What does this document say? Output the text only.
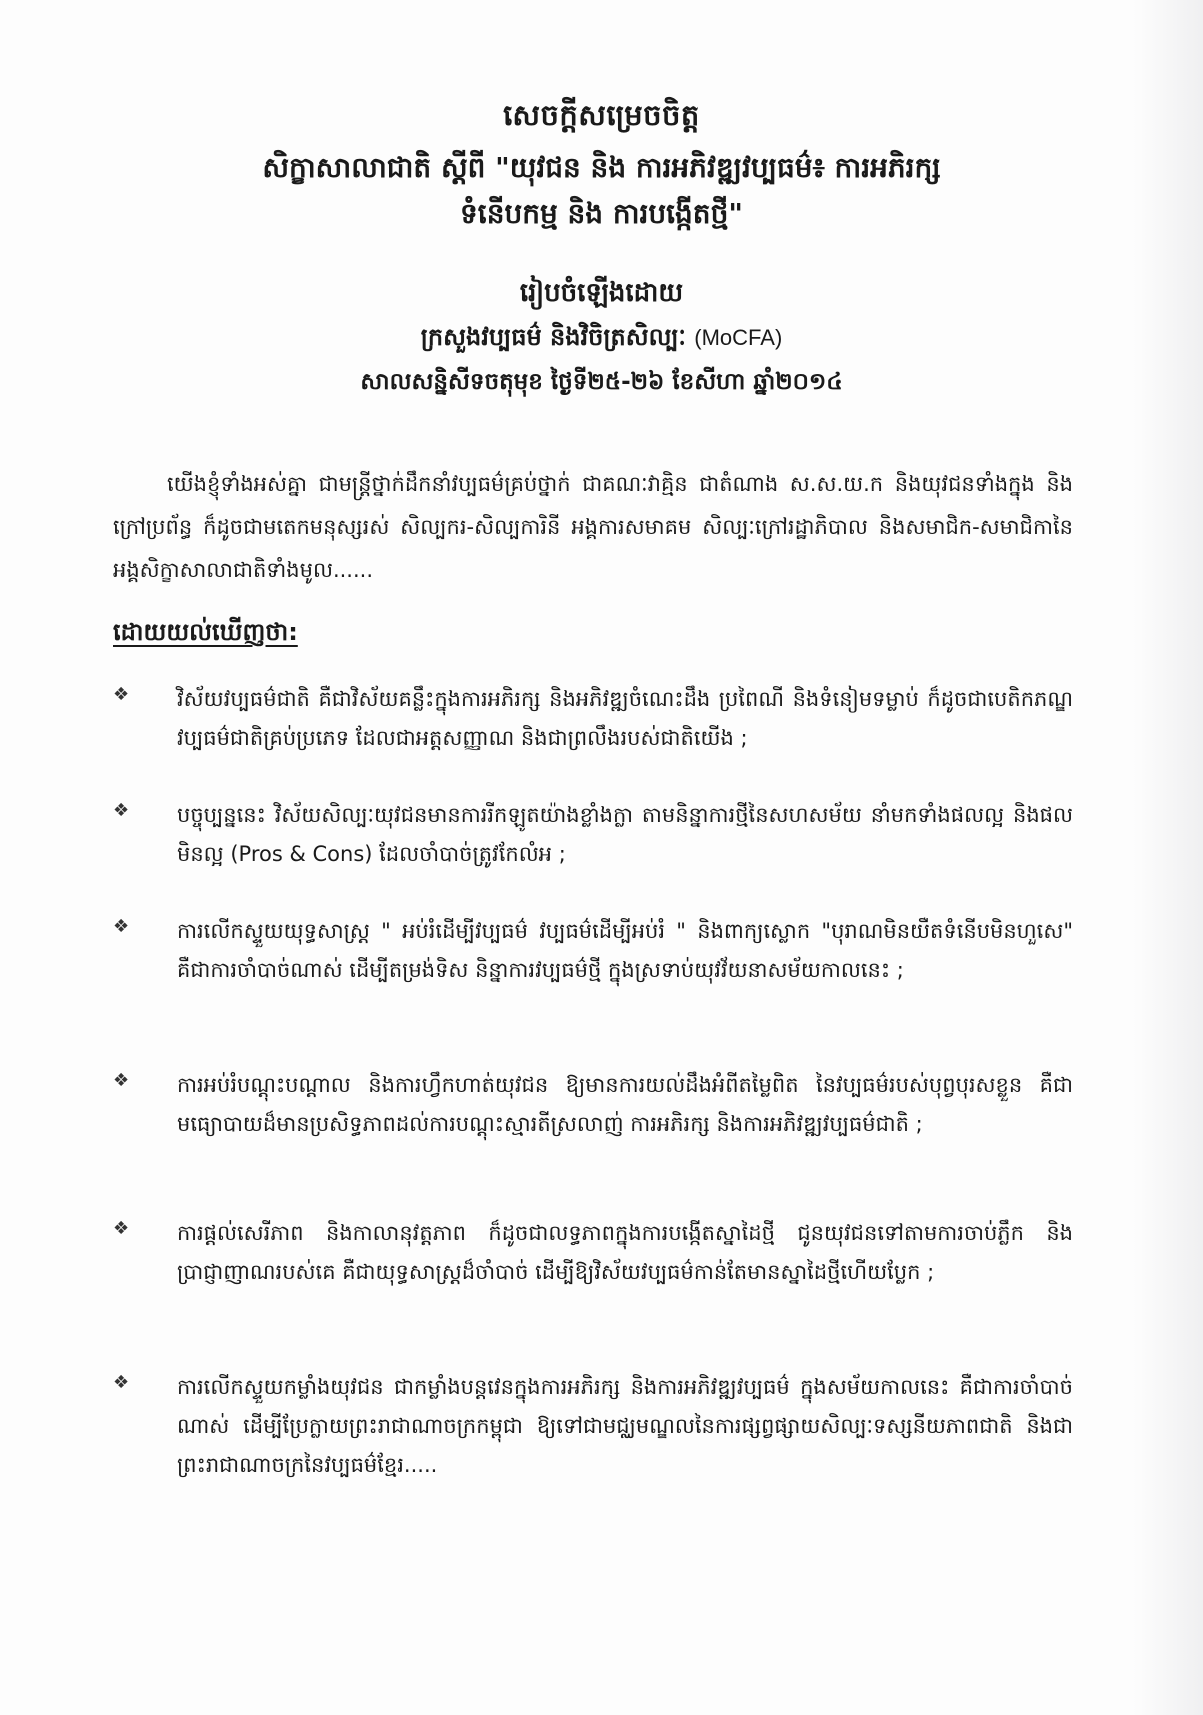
សេចក្តីសម្រេចចិត្ត
សិក្ខាសាលាជាតិ ស្តីពី "យុវជន និង ការអភិវឌ្ឍវប្បធម៌៖ ការអភិរក្ស
ទំនើបកម្ម និង ការបង្កើតថ្មី"
រៀបចំឡើងដោយ
ក្រសួងវប្បធម៌ និងវិចិត្រសិល្បៈ (MoCFA)
សាលសន្និសីទចតុមុខ ថ្ងៃទី២៥-២៦ ខែសីហា ឆ្នាំ២០១៤
យើងខ្ញុំទាំងអស់គ្នា ជាមន្ត្រីថ្នាក់ដឹកនាំវប្បធម៌គ្រប់ថ្នាក់ ជាគណៈវាគ្មិន ជាតំណាង ស.ស.យ.ក និងយុវជនទាំងក្នុង និងក្រៅប្រព័ន្ធ ក៏ដូចជាមតេកមនុស្សរស់ សិល្បករ-សិល្បការិនី អង្គការសមាគម សិល្បៈក្រៅរដ្ឋាភិបាល និងសមាជិក-សមាជិកានៃអង្គសិក្ខាសាលាជាតិទាំងមូល......
ដោយយល់ឃើញថា:
❖ វិស័យវប្បធម៌ជាតិ គឺជាវិស័យគន្លឹះក្នុងការអភិរក្ស និងអភិវឌ្ឍចំណេះដឹង ប្រពៃណី និងទំនៀមទម្លាប់ ក៏ដូចជាបេតិកភណ្ឌវប្បធម៌ជាតិគ្រប់ប្រភេទ ដែលជាអត្តសញ្ញាណ និងជាព្រលឹងរបស់ជាតិយើង ;
❖ បច្ចុប្បន្ននេះ វិស័យសិល្បៈយុវជនមានការរីកឡូតយ៉ាងខ្លាំងក្លា តាមនិន្នាការថ្មីនៃសហសម័យ នាំមកទាំងផលល្អ និងផលមិនល្អ (Pros & Cons) ដែលចាំបាច់ត្រូវកែលំអ ;
❖ ការលើកស្ទួយយុទ្ធសាស្ត្រ " អប់រំដើម្បីវប្បធម៌ វប្បធម៌ដើម្បីអប់រំ " និងពាក្យស្លោក "បុរាណមិនយឺតទំនើបមិនហួសេ" គឺជាការចាំបាច់ណាស់ ដើម្បីតម្រង់ទិស និន្នាការវប្បធម៌ថ្មី ក្នុងស្រទាប់យុវវ័យនាសម័យកាលនេះ ;
❖ ការអប់រំបណ្តុះបណ្តាល និងការហ្វឹកហាត់យុវជន ឱ្យមានការយល់ដឹងអំពីតម្លៃពិត នៃវប្បធម៌របស់បុព្វបុរសខ្លួន គឺជាមធ្យោបាយដ៏មានប្រសិទ្ធភាពដល់ការបណ្តុះស្មារតីស្រលាញ់ ការអភិរក្ស និងការអភិវឌ្ឍវប្បធម៌ជាតិ ;
❖ ការផ្តល់សេរីភាព និងកាលានុវត្តភាព ក៏ដូចជាលទ្ធភាពក្នុងការបង្កើតស្នាដៃថ្មី ជូនយុវជនទៅតាមការចាប់ភ្លឹក និងប្រាជ្ញាញាណរបស់គេ គឺជាយុទ្ធសាស្ត្រដ៏ចាំបាច់ ដើម្បីឱ្យវិស័យវប្បធម៌កាន់តែមានស្នាដៃថ្មីហើយប្លែក ;
❖ ការលើកស្ទួយកម្លាំងយុវជន ជាកម្លាំងបន្តវេនក្នុងការអភិរក្ស និងការអភិវឌ្ឍវប្បធម៌ ក្នុងសម័យកាលនេះ គឺជាការចាំបាច់ណាស់ ដើម្បីប្រែក្លាយព្រះរាជាណាចក្រកម្ពុជា ឱ្យទៅជាមជ្ឈមណ្ឌលនៃការផ្សព្វផ្សាយសិល្បៈទស្សនីយភាពជាតិ និងជាព្រះរាជាណាចក្រនៃវប្បធម៌ខ្មែរ.....
